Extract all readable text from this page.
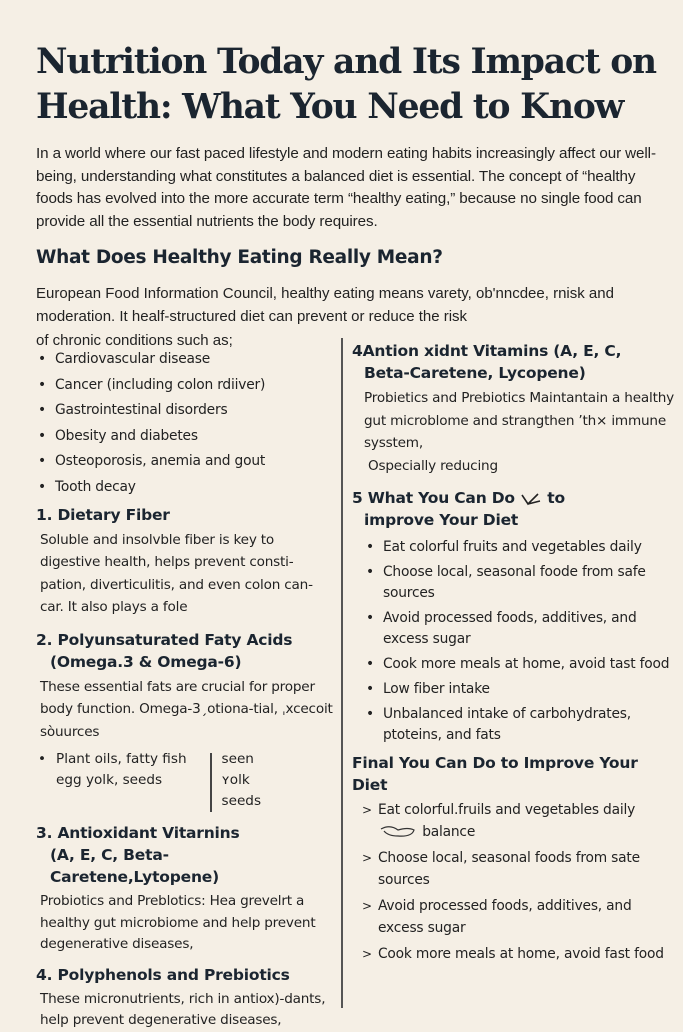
Nutrition Today and Its Impact on Health: What You Need to Know

In a world where our fast paced lifestyle and modern eating habits increasingly affect our well-being, understanding what constitutes a balanced diet is essential. The concept of “healthy foods has evolved into the more accurate term “healthy eating,” because no single food can provide all the essential nutrients the body requires.

What Does Healthy Eating Really Mean?

European Food Information Council, healthy eating means varety, ob'nncdee, rnisk and moderation. It healf-structured diet can prevent or reduce the risk
of chronic conditions such as;

• Cardiovascular disease
• Cancer (including colon rdiiver)
• Gastrointestinal disorders
• Obesity and diabetes
• Osteoporosis, anemia and gout
• Tooth decay
1. Dietary Fiber

Soluble and insolvble fiber is key to digestive health, helps prevent consti-pation, diverticulitis, and even colon can-car. It also plays a fole

2. Polyunsaturated Faty Acids
(Omega.3 & Omega-6)

These essential fats are crucial for proper body function. Omega-3ˏotiona-tial, ˌxcecoit sòuurces

• Plant oils, fatty fish egg yolk, seeds
seen ʏolk seeds
3. Antioxidant Vitarnins
(A, E, C, Beta-Caretene,Lytopene)

Probiotics and Preblotics: Hea grevelrt a healthy gut microbiome and help prevent degenerative diseases,

4. Polyphenols and Prebiotics

These micronutrients, rich in antiox)-dants, help prevent degenerative diseases,

4Antion xidnt Vitamins (A, E, C,
Beta-Caretene, Lycopene)

Probietics and Prebiotics Maintantain a healthy gut microblome and strangthen ’th× immune sysstem,

Ospecially reducing

5 What You Can Do to
improve Your Diet
• Eat colorful fruits and vegetables daily
• Choose local, seasonal foode from safe sources
• Avoid processed foods, additives, and excess sugar
• Cook more meals at home, avoid tast food
• Low fiber intake
• Unbalanced intake of carbohydrates, ptoteins, and fats
Final You Can Do to Improve Your Diet
> Eat colorful.fruils and vegetables daily  balance
> Choose local, seasonal foods from sate sources
> Avoid processed foods, additives, and excess sugar
> Cook more meals at home, avoid fast food
